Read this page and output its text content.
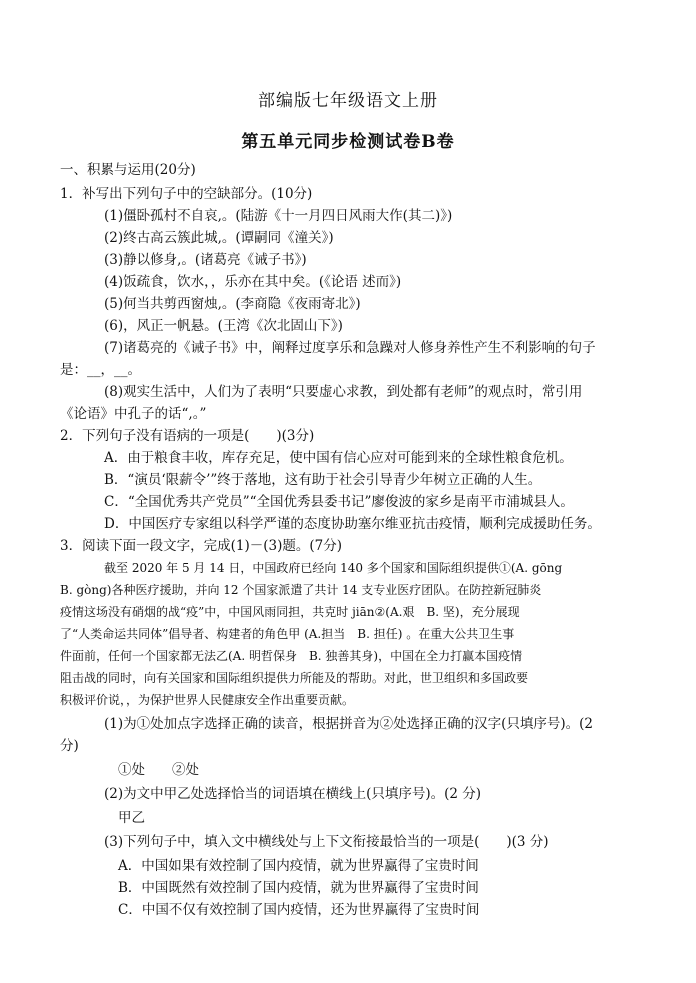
部编版七年级语文上册
第五单元同步检测试卷B卷
一、积累与运用(20分)
1．补写出下列句子中的空缺部分。(10分)
(1)僵卧孤村不自哀,。(陆游《十一月四日风雨大作(其二)》)
(2)终古高云簇此城,。(谭嗣同《潼关》)
(3)静以修身,。(诸葛亮《诫子书》)
(4)饭疏食，饮水，，乐亦在其中矣。(《论语 述而》)
(5)何当共剪西窗烛,。(李商隐《夜雨寄北》)
(6)，风正一帆悬。(王湾《次北固山下》)
(7)诸葛亮的《诫子书》中，阐释过度享乐和急躁对人修身养性产生不利影响的句子
是：__，__。
(8)观实生活中，人们为了表明“只要虚心求教，到处都有老师”的观点时，常引用
《论语》中孔子的话“,。”
2．下列句子没有语病的一项是(　　)(3分)
A．由于粮食丰收，库存充足，使中国有信心应对可能到来的全球性粮食危机。
B．“演员‘限薪令’”终于落地，这有助于社会引导青少年树立正确的人生。
C．“全国优秀共产党员”“全国优秀县委书记”廖俊波的家乡是南平市浦城县人。
D．中国医疗专家组以科学严谨的态度协助塞尔维亚抗击疫情，顺利完成援助任务。
3．阅读下面一段文字，完成(1)－(3)题。(7分)
截至 2020 年 5 月 14 日，中国政府已经向 140 多个国家和国际组织提供①(A. gōng
B. gòng)各种医疗援助，并向 12 个国家派遣了共计 14 支专业医疗团队。在防控新冠肺炎
疫情这场没有硝烟的战“疫”中，中国风雨同担，共克时 jiān②(A.艰　B. 坚)，充分展现
了“人类命运共同体”倡导者、构建者的角色甲 (A.担当　B. 担任) 。在重大公共卫生事
件面前，任何一个国家都无法乙(A. 明哲保身　B. 独善其身)，中国在全力打赢本国疫情
阻击战的同时，向有关国家和国际组织提供力所能及的帮助。对此，世卫组织和多国政要
积极评价说，，为保护世界人民健康安全作出重要贡献。
(1)为①处加点字选择正确的读音，根据拼音为②处选择正确的汉字(只填序号)。(2
分)
①处　　②处
(2)为文中甲乙处选择恰当的词语填在横线上(只填序号)。(2 分)
甲乙
(3)下列句子中，填入文中横线处与上下文衔接最恰当的一项是(　　)(3 分)
A．中国如果有效控制了国内疫情，就为世界赢得了宝贵时间
B．中国既然有效控制了国内疫情，就为世界赢得了宝贵时间
C．中国不仅有效控制了国内疫情，还为世界赢得了宝贵时间
